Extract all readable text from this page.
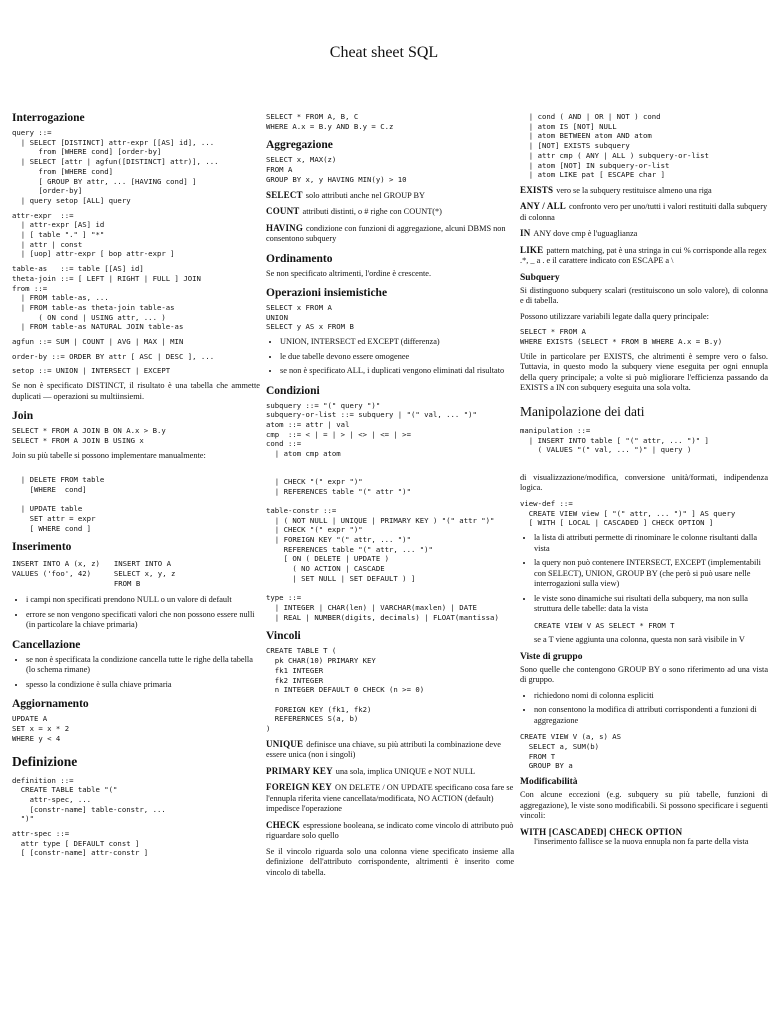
Cheat sheet SQL
Interrogazione
query ::=
| SELECT [DISTINCT] attr-expr [[AS] id], ...
from [WHERE cond] [order-by]
| SELECT [attr | agfun([DISTINCT] attr)], ...
from [WHERE cond]
[ GROUP BY attr, ... [HAVING cond] ]
[order-by]
| query setop [ALL] query
attr-expr  ::=
| attr-expr [AS] id
| [ table "." ] "*"
| attr | const
| [uop] attr-expr [ bop attr-expr ]
table-as   ::= table [[AS] id]
theta-join ::= [ LEFT | RIGHT | FULL ] JOIN
from ::=
| FROM table-as, ...
| FROM table-as theta-join table-as
( ON cond | USING attr, ... )
| FROM table-as NATURAL JOIN table-as
agfun ::= SUM | COUNT | AVG | MAX | MIN
order-by ::= ORDER BY attr [ ASC | DESC ], ...
setop ::= UNION | INTERSECT | EXCEPT

Se non è specificato DISTINCT, il risultato è una tabella che ammette duplicati — operazioni su multiinsiemi.

Join
SELECT * FROM A JOIN B ON A.x > B.y
SELECT * FROM A JOIN B USING x

Join su più tabelle si possono implementare manualmente:

| DELETE FROM table
[WHERE  cond]

| UPDATE table
SET attr = expr
[ WHERE cond ]
Inserimento
INSERT INTO A (x, z)
VALUES ('foo', 42)
INSERT INTO A
SELECT x, y, z
FROM B
• i campi non specificati prendono NULL o un valore di default
• errore se non vengono specificati valori che non possono essere nulli (in particolare la chiave primaria)
Cancellazione
• se non è specificata la condizione cancella tutte le righe della tabella (lo schema rimane)
• spesso la condizione è sulla chiave primaria
Aggiornamento
UPDATE A
SET x = x * 2
WHERE y < 4
Definizione
definition ::=
CREATE TABLE table "("
attr-spec, ...
[constr-name] table-constr, ...
")"
attr-spec ::=
attr type [ DEFAULT const ]
[ [constr-name] attr-constr ]
SELECT * FROM A, B, C
WHERE A.x = B.y AND B.y = C.z
Aggregazione
SELECT x, MAX(z)
FROM A
GROUP BY x, y HAVING MIN(y) > 10
SELECT solo attributi anche nel GROUP BY
COUNT attributi distinti, o # righe con COUNT(*)
HAVING condizione con funzioni di aggregazione, alcuni DBMS non consentono subquery
Ordinamento

Se non specificato altrimenti, l'ordine è crescente.

Operazioni insiemistiche
SELECT x FROM A
UNION
SELECT y AS x FROM B
• UNION, INTERSECT ed EXCEPT (differenza)
• le due tabelle devono essere omogenee
• se non è specificato ALL, i duplicati vengono eliminati dal risultato
Condizioni
subquery ::= "(" query ")"
subquery-or-list ::= subquery | "(" val, ... ")"
atom ::= attr | val
cmp  ::= < | = | > | <> | <= | >=
cond ::=
| atom cmp atom
| CHECK "(" expr ")"
| REFERENCES table "(" attr ")"

table-constr ::=
| ( NOT NULL | UNIQUE | PRIMARY KEY ) "(" attr ")"
| CHECK "(" expr ")"
| FOREIGN KEY "(" attr, ... ")"
REFERENCES table "(" attr, ... ")"
[ ON ( DELETE | UPDATE )
( NO ACTION | CASCADE
| SET NULL | SET DEFAULT ) ]

type ::=
| INTEGER | CHAR(len) | VARCHAR(maxlen) | DATE
| REAL | NUMBER(digits, decimals) | FLOAT(mantissa)
Vincoli
CREATE TABLE T (
pk CHAR(10) PRIMARY KEY
fk1 INTEGER
fk2 INTEGER
n INTEGER DEFAULT 0 CHECK (n >= 0)

FOREIGN KEY (fk1, fk2)
REFERERNCES S(a, b)
)
UNIQUE definisce una chiave, su più attributi la combinazione deve essere unica (non i singoli)
PRIMARY KEY una sola, implica UNIQUE e NOT NULL
FOREIGN KEY ON DELETE / ON UPDATE specificano cosa fare se l'ennupla riferita viene cancellata/modificata, NO ACTION (default) impedisce l'operazione
CHECK espressione booleana, se indicato come vincolo di attributo può riguardare solo quello

Se il vincolo riguarda solo una colonna viene specificato insieme alla definizione dell'attributo corrispondente, altrimenti è inserito come vincolo di tabella.

| cond ( AND | OR | NOT ) cond
| atom IS [NOT] NULL
| atom BETWEEN atom AND atom
| [NOT] EXISTS subquery
| attr cmp ( ANY | ALL ) subquery-or-list
| atom [NOT] IN subquery-or-list
| atom LIKE pat [ ESCAPE char ]
EXISTS vero se la subquery restituisce almeno una riga
ANY / ALL confronto vero per uno/tutti i valori restituiti dalla subquery di colonna
IN ANY dove cmp è l'uguaglianza
LIKE pattern matching, pat è una stringa in cui % corrisponde alla regex .*, _ a . e il carattere indicato con ESCAPE a \
Subquery

Si distinguono subquery scalari (restituiscono un solo valore), di colonna e di tabella.

Possono utilizzare variabili legate dalla query principale:

SELECT * FROM A
WHERE EXISTS (SELECT * FROM B WHERE A.x = B.y)

Utile in particolare per EXISTS, che altrimenti è sempre vero o falso. Tuttavia, in questo modo la subquery viene eseguita per ogni ennupla della query principale; a volte si può migliorare l'efficienza passando da EXISTS a IN con subquery eseguita una sola volta.

Manipolazione dei dati
manipulation ::=
| INSERT INTO table [ "(" attr, ... ")" ]
( VALUES "(" val, ... ")" | query )

di visualizzazione/modifica, conversione unità/formati, indipendenza logica.

view-def ::=
CREATE VIEW view [ "(" attr, ... ")" ] AS query
[ WITH [ LOCAL | CASCADED ] CHECK OPTION ]
• la lista di attributi permette di rinominare le colonne risultanti dalla vista
• la query non può contenere INTERSECT, EXCEPT (implementabili con SELECT), UNION, GROUP BY (che però si può usare nelle interrogazioni sulla view)
• le viste sono dinamiche sui risultati della subquery, ma non sulla struttura delle tabelle: data la vista
CREATE VIEW V AS SELECT * FROM T

se a T viene aggiunta una colonna, questa non sarà visibile in V

Viste di gruppo

Sono quelle che contengono GROUP BY o sono riferimento ad una vista di gruppo.

• richiedono nomi di colonna espliciti
• non consentono la modifica di attributi corrispondenti a funzioni di aggregazione
CREATE VIEW V (a, s) AS
SELECT a, SUM(b)
FROM T
GROUP BY a
Modificabilità

Con alcune eccezioni (e.g. subquery su più tabelle, funzioni di aggregazione), le viste sono modificabili. Si possono specificare i seguenti vincoli:

WITH [CASCADED] CHECK OPTION
l'inserimento fallisce se la nuova ennupla non fa parte della vista
